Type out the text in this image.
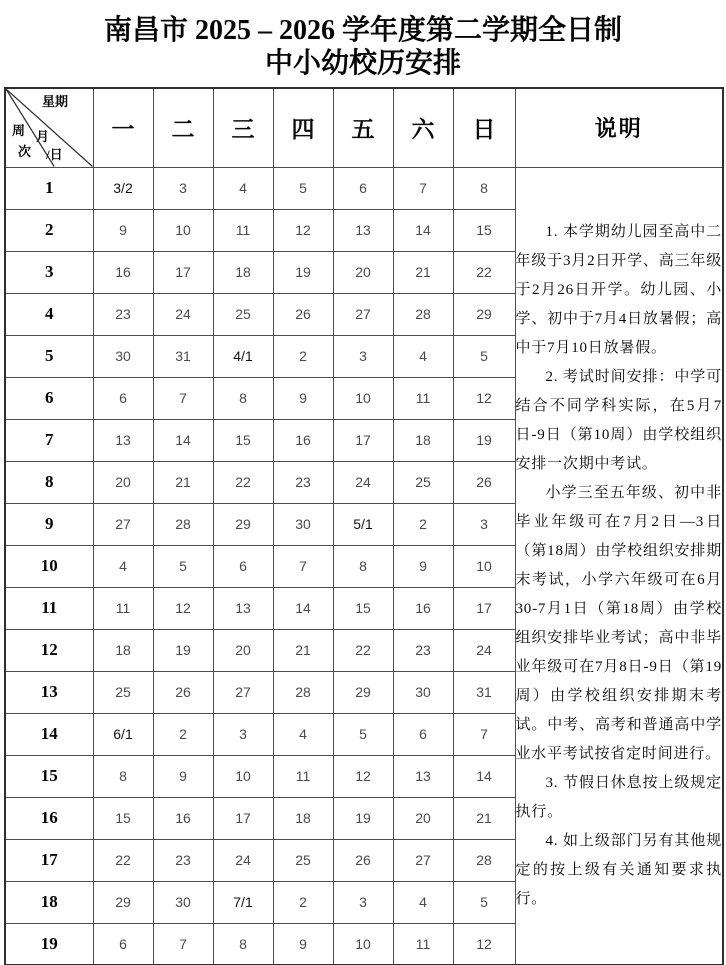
南昌市 2025 – 2026 学年度第二学期全日制
中小幼校历安排
星期
周
次
月
/日	一	二	三	四	五	六	日	说明
1	3/2	3	4	5	6	7	8	1. 本学期幼儿园至高中二年级于3月2日开学、高三年级于2月26日开学。幼儿园、小学、初中于7月4日放暑假；高中于7月10日放暑假。

2. 考试时间安排：中学可结合不同学科实际，在5月7日-9日（第10周）由学校组织安排一次期中考试。

小学三至五年级、初中非毕业年级可在7月2日—3日（第18周）由学校组织安排期末考试，小学六年级可在6月30-7月1日（第18周）由学校组织安排毕业考试；高中非毕业年级可在7月8日-9日（第19周）由学校组织安排期末考试。中考、高考和普通高中学业水平考试按省定时间进行。

3. 节假日休息按上级规定执行。

4. 如上级部门另有其他规定的按上级有关通知要求执行。

2	9	10	11	12	13	14	15	
3	16	17	18	19	20	21	22	
4	23	24	25	26	27	28	29	
5	30	31	4/1	2	3	4	5	
6	6	7	8	9	10	11	12	
7	13	14	15	16	17	18	19	
8	20	21	22	23	24	25	26	
9	27	28	29	30	5/1	2	3	
10	4	5	6	7	8	9	10	
11	11	12	13	14	15	16	17	
12	18	19	20	21	22	23	24	
13	25	26	27	28	29	30	31	
14	6/1	2	3	4	5	6	7	
15	8	9	10	11	12	13	14	
16	15	16	17	18	19	20	21	
17	22	23	24	25	26	27	28	
18	29	30	7/1	2	3	4	5	
19	6	7	8	9	10	11	12	
